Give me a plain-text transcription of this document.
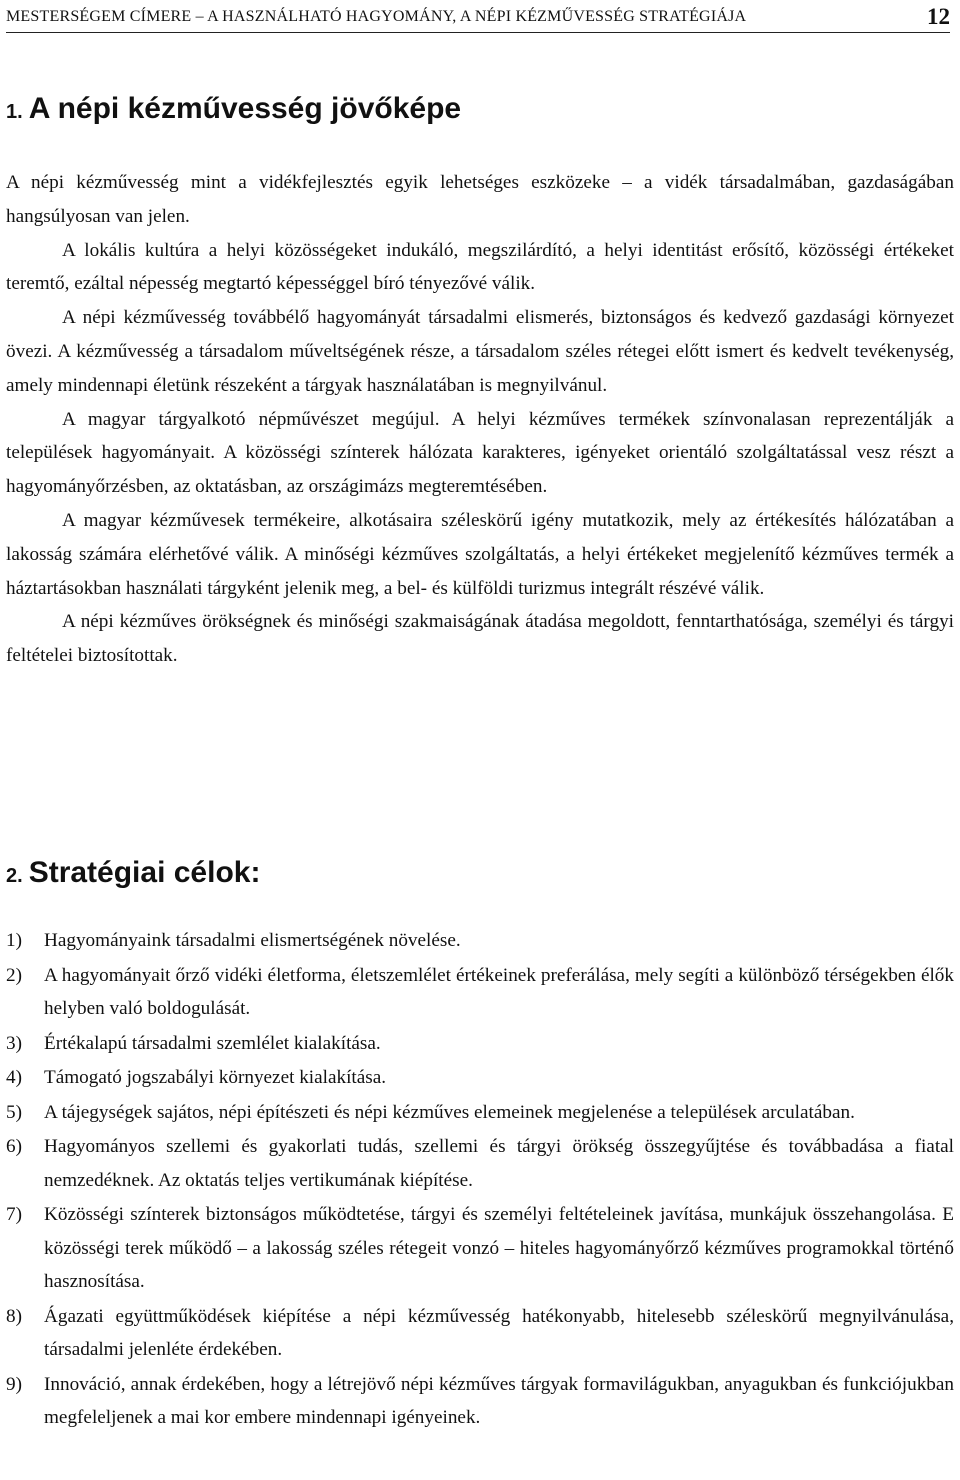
MESTERSÉGEM CÍMERE – A HASZNÁLHATÓ HAGYOMÁNY, A NÉPI KÉZMŰVESSÉG STRATÉGIÁJA	12
1. A népi kézművesség jövőképe

A népi kézművesség mint a vidékfejlesztés egyik lehetséges eszközeke – a vidék társadalmában, gazdaságában hangsúlyosan van jelen.

A lokális kultúra a helyi közösségeket indukáló, megszilárdító, a helyi identitást erősítő, közösségi értékeket teremtő, ezáltal népesség megtartó képességgel bíró tényezővé válik.

A népi kézművesség továbbélő hagyományát társadalmi elismerés, biztonságos és kedvező gazdasági környezet övezi. A kézművesség a társadalom műveltségének része, a társadalom széles rétegei előtt ismert és kedvelt tevékenység, amely mindennapi életünk részeként a tárgyak használatában is megnyilvánul.

A magyar tárgyalkotó népművészet megújul. A helyi kézműves termékek színvonalasan reprezentálják a települések hagyományait. A közösségi színterek hálózata karakteres, igényeket orientáló szolgáltatással vesz részt a hagyományőrzésben, az oktatásban, az országimázs megteremtésében.

A magyar kézművesek termékeire, alkotásaira széleskörű igény mutatkozik, mely az értékesítés hálózatában a lakosság számára elérhetővé válik. A minőségi kézműves szolgáltatás, a helyi értékeket megjelenítő kézműves termék a háztartásokban használati tárgyként jelenik meg, a bel- és külföldi turizmus integrált részévé válik.

A népi kézműves örökségnek és minőségi szakmaiságának átadása megoldott, fenntarthatósága, személyi és tárgyi feltételei biztosítottak.

2. Stratégiai célok:
1)	Hagyományaink társadalmi elismertségének növelése.
2)	A hagyományait őrző vidéki életforma, életszemlélet értékeinek preferálása, mely segíti a különböző térségekben élők helyben való boldogulását.
3)	Értékalapú társadalmi szemlélet kialakítása.
4)	Támogató jogszabályi környezet kialakítása.
5)	A tájegységek sajátos, népi építészeti és népi kézműves elemeinek megjelenése a települések arculatában.
6)	Hagyományos szellemi és gyakorlati tudás, szellemi és tárgyi örökség összegyűjtése és továbbadása a fiatal nemzedéknek. Az oktatás teljes vertikumának kiépítése.
7)	Közösségi színterek biztonságos működtetése, tárgyi és személyi feltételeinek javítása, munkájuk összehangolása. E közösségi terek működő – a lakosság széles rétegeit vonzó – hiteles hagyományőrző kézműves programokkal történő hasznosítása.
8)	Ágazati együttműködések kiépítése a népi kézművesség hatékonyabb, hitelesebb széleskörű megnyilvánulása, társadalmi jelenléte érdekében.
9)	Innováció, annak érdekében, hogy a létrejövő népi kézműves tárgyak formavilágukban, anyagukban és funkciójukban megfeleljenek a mai kor embere mindennapi igényeinek.
